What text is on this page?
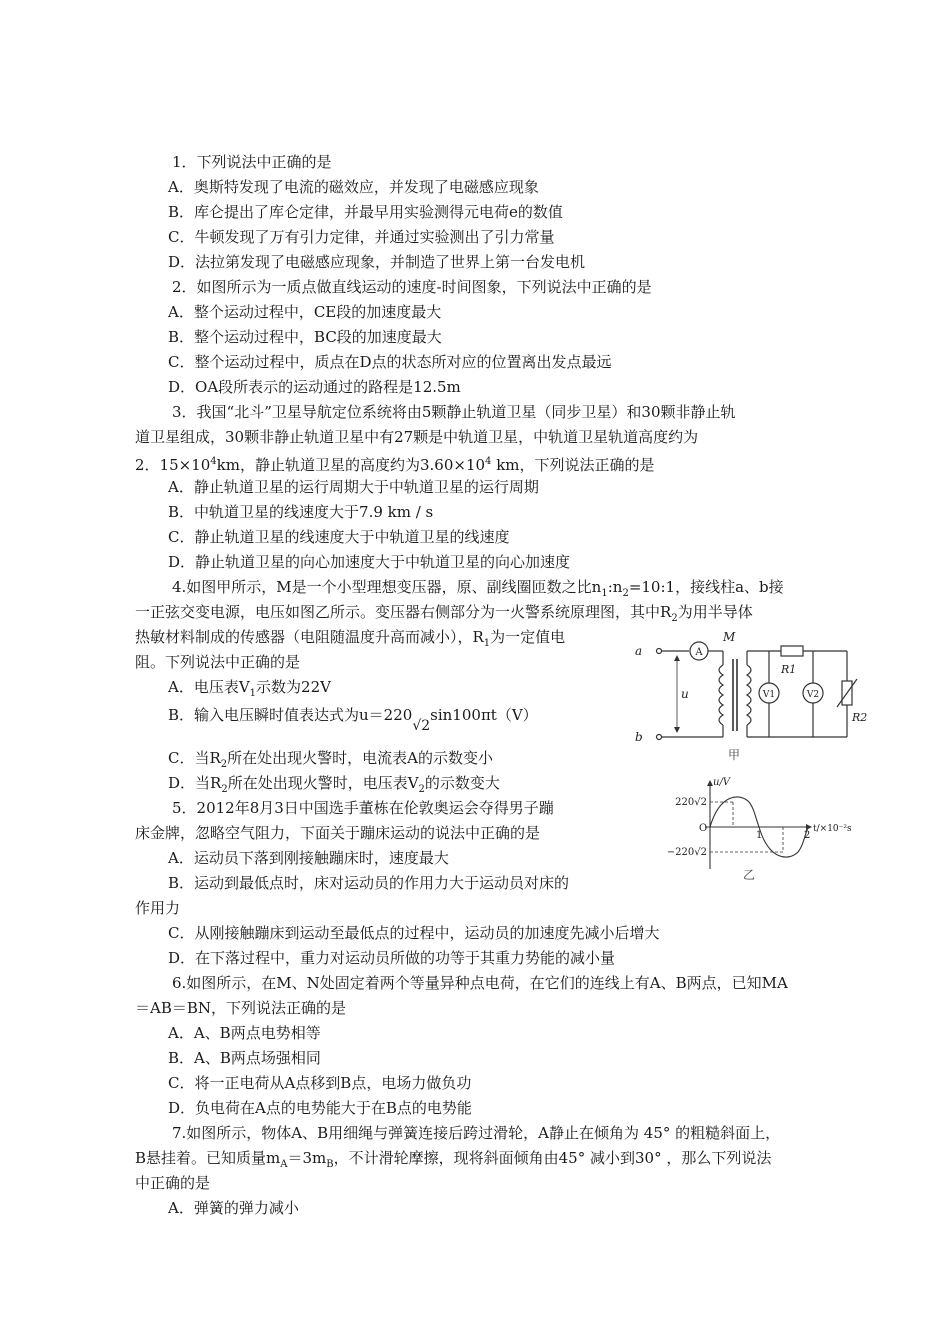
1．下列说法中正确的是
A．奥斯特发现了电流的磁效应，并发现了电磁感应现象
B．库仑提出了库仑定律，并最早用实验测得元电荷e的数值
C．牛顿发现了万有引力定律，并通过实验测出了引力常量
D．法拉第发现了电磁感应现象，并制造了世界上第一台发电机
2．如图所示为一质点做直线运动的速度-时间图象，下列说法中正确的是
A．整个运动过程中，CE段的加速度最大
B．整个运动过程中，BC段的加速度最大
C．整个运动过程中，质点在D点的状态所对应的位置离出发点最远
D．OA段所表示的运动通过的路程是12.5m
3．我国“北斗”卫星导航定位系统将由5颗静止轨道卫星（同步卫星）和30颗非静止轨
道卫星组成，30颗非静止轨道卫星中有27颗是中轨道卫星，中轨道卫星轨道高度约为
2．$15\times 10^4km$，静止轨道卫星的高度约为$3.60\times 10^4$ km，下列说法正确的是
A．静止轨道卫星的运行周期大于中轨道卫星的运行周期
B．中轨道卫星的线速度大于7.9 km / s
C．静止轨道卫星的线速度大于中轨道卫星的线速度
D．静止轨道卫星的向心加速度大于中轨道卫星的向心加速度
4.如图甲所示，M是一个小型理想变压器，原、副线圈匝数之比$n_1:n_2=10:1$，接线柱a、b接
一正弦交变电源，电压如图乙所示。变压器右侧部分为一火警系统原理图，其中$R_2$为用半导体
热敏材料制成的传感器（电阻随温度升高而减小），$R_1$为一定值电
阻。下列说法中正确的是
A．电压表$V_1$示数为22V
B．输入电压瞬时值表达式为u＝220√2sin100πt（V）
C．当$R_2$所在处出现火警时，电流表A的示数变小
D．当$R_2$所在处出现火警时，电压表$V_2$的示数变大
5．2012年8月3日中国选手董栋在伦敦奥运会夺得男子蹦
床金牌，忽略空气阻力，下面关于蹦床运动的说法中正确的是
A．运动员下落到刚接触蹦床时，速度最大
B．运动到最低点时，床对运动员的作用力大于运动员对床的
作用力
C．从刚接触蹦床到运动至最低点的过程中，运动员的加速度先减小后增大
D．在下落过程中，重力对运动员所做的功等于其重力势能的减小量
6.如图所示，在M、N处固定着两个等量异种点电荷，在它们的连线上有A、B两点，已知MA
＝AB＝BN，下列说法正确的是
A．A、B两点电势相等
B．A、B两点场强相同
C．将一正电荷从A点移到B点，电场力做负功
D．负电荷在A点的电势能大于在B点的电势能
7.如图所示，物体A、B用细绳与弹簧连接后跨过滑轮，A静止在倾角为 45° 的粗糙斜面上，
B悬挂着。已知质量$m_A=3m_B$，不计滑轮摩擦，现将斜面倾角由45° 减小到30° ，那么下列说法
中正确的是
A．弹簧的弹力减小
a
b
u
M
R1
R2
A
V1	V2
甲
u/V
t/×10⁻²s
O
220√2
−220√2
1	2
乙
